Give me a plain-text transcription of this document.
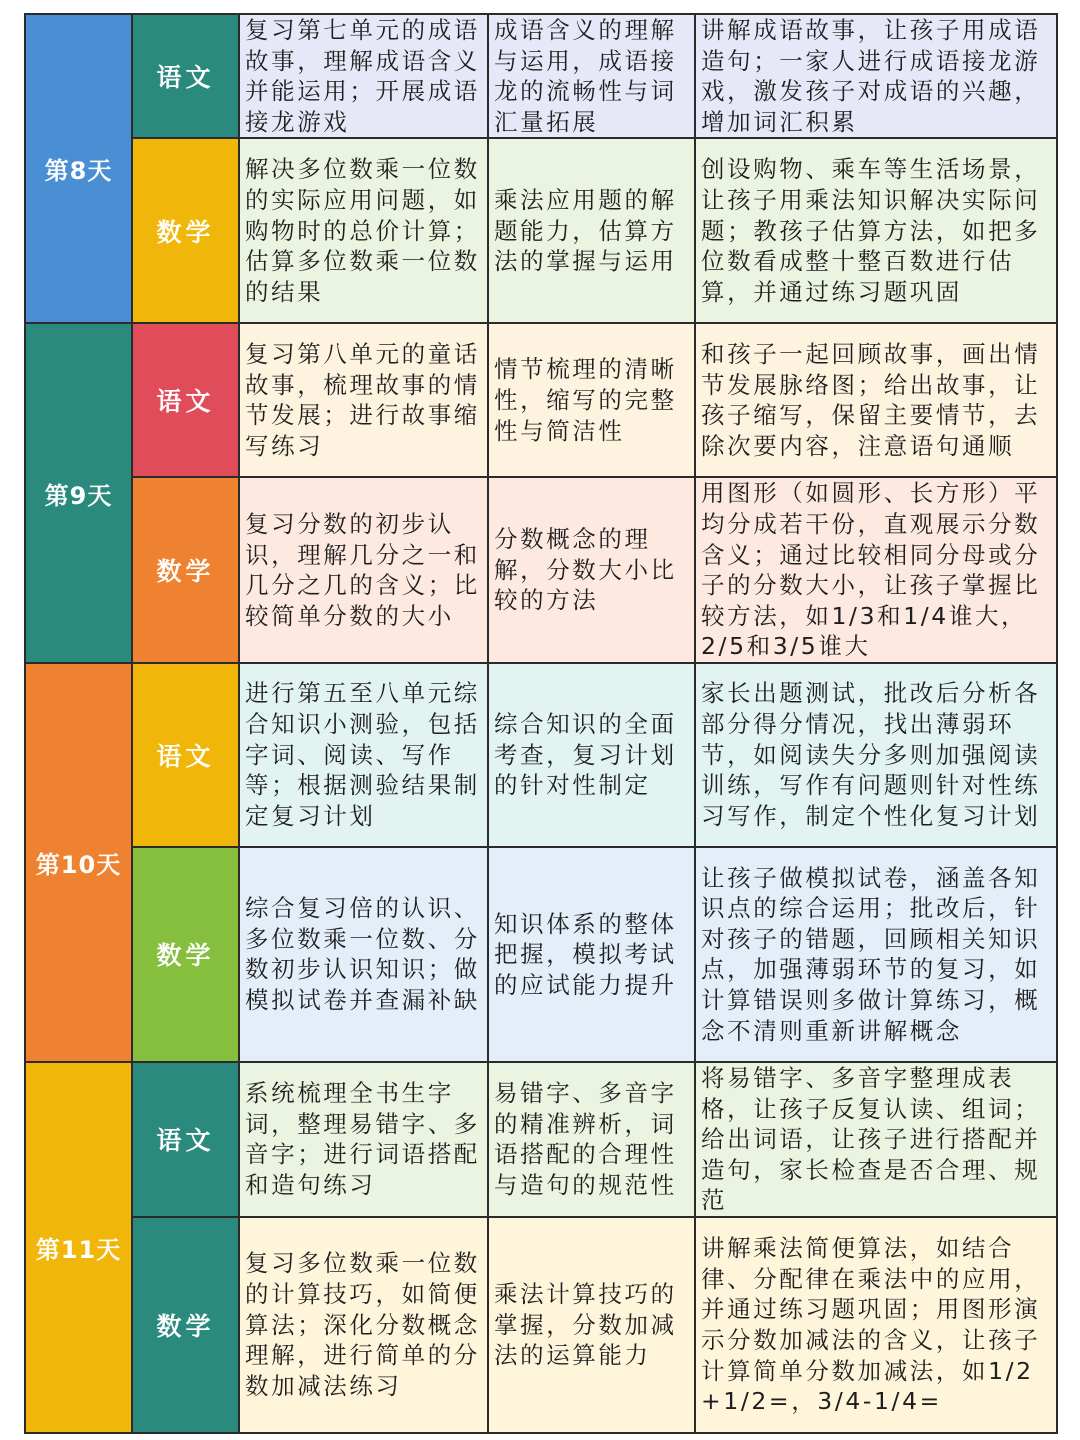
第8天	语文	复习第七单元的成语故事，理解成语含义并能运用；开展成语接龙游戏	成语含义的理解与运用，成语接龙的流畅性与词汇量拓展	讲解成语故事，让孩子用成语造句；一家人进行成语接龙游戏，激发孩子对成语的兴趣，增加词汇积累
	数学	解决多位数乘一位数的实际应用问题，如购物时的总价计算；估算多位数乘一位数的结果	乘法应用题的解题能力，估算方法的掌握与运用	创设购物、乘车等生活场景，让孩子用乘法知识解决实际问题；教孩子估算方法，如把多位数看成整十整百数进行估算，并通过练习题巩固
第9天	语文	复习第八单元的童话故事，梳理故事的情节发展；进行故事缩写练习	情节梳理的清晰性，缩写的完整性与简洁性	和孩子一起回顾故事，画出情节发展脉络图；给出故事，让孩子缩写，保留主要情节，去除次要内容，注意语句通顺
	数学	复习分数的初步认识，理解几分之一和几分之几的含义；比较简单分数的大小	分数概念的理解，分数大小比较的方法	用图形（如圆形、长方形）平均分成若干份，直观展示分数含义；通过比较相同分母或分子的分数大小，让孩子掌握比较方法，如1/3和1/4谁大，2/5和3/5谁大
第10天	语文	进行第五至八单元综合知识小测验，包括字词、阅读、写作等；根据测验结果制定复习计划	综合知识的全面考查，复习计划的针对性制定	家长出题测试，批改后分析各部分得分情况，找出薄弱环节，如阅读失分多则加强阅读训练，写作有问题则针对性练习写作，制定个性化复习计划
	数学	综合复习倍的认识、多位数乘一位数、分数初步认识知识；做模拟试卷并查漏补缺	知识体系的整体把握，模拟考试的应试能力提升	让孩子做模拟试卷，涵盖各知识点的综合运用；批改后，针对孩子的错题，回顾相关知识点，加强薄弱环节的复习，如计算错误则多做计算练习，概念不清则重新讲解概念
第11天	语文	系统梳理全书生字词，整理易错字、多音字；进行词语搭配和造句练习	易错字、多音字的精准辨析，词语搭配的合理性与造句的规范性	将易错字、多音字整理成表格，让孩子反复认读、组词；给出词语，让孩子进行搭配并造句，家长检查是否合理、规范
	数学	复习多位数乘一位数的计算技巧，如简便算法；深化分数概念理解，进行简单的分数加减法练习	乘法计算技巧的掌握，分数加减法的运算能力	讲解乘法简便算法，如结合律、分配律在乘法中的应用，并通过练习题巩固；用图形演示分数加减法的含义，让孩子计算简单分数加减法，如1/2+1/2=，3/4-1/4=
